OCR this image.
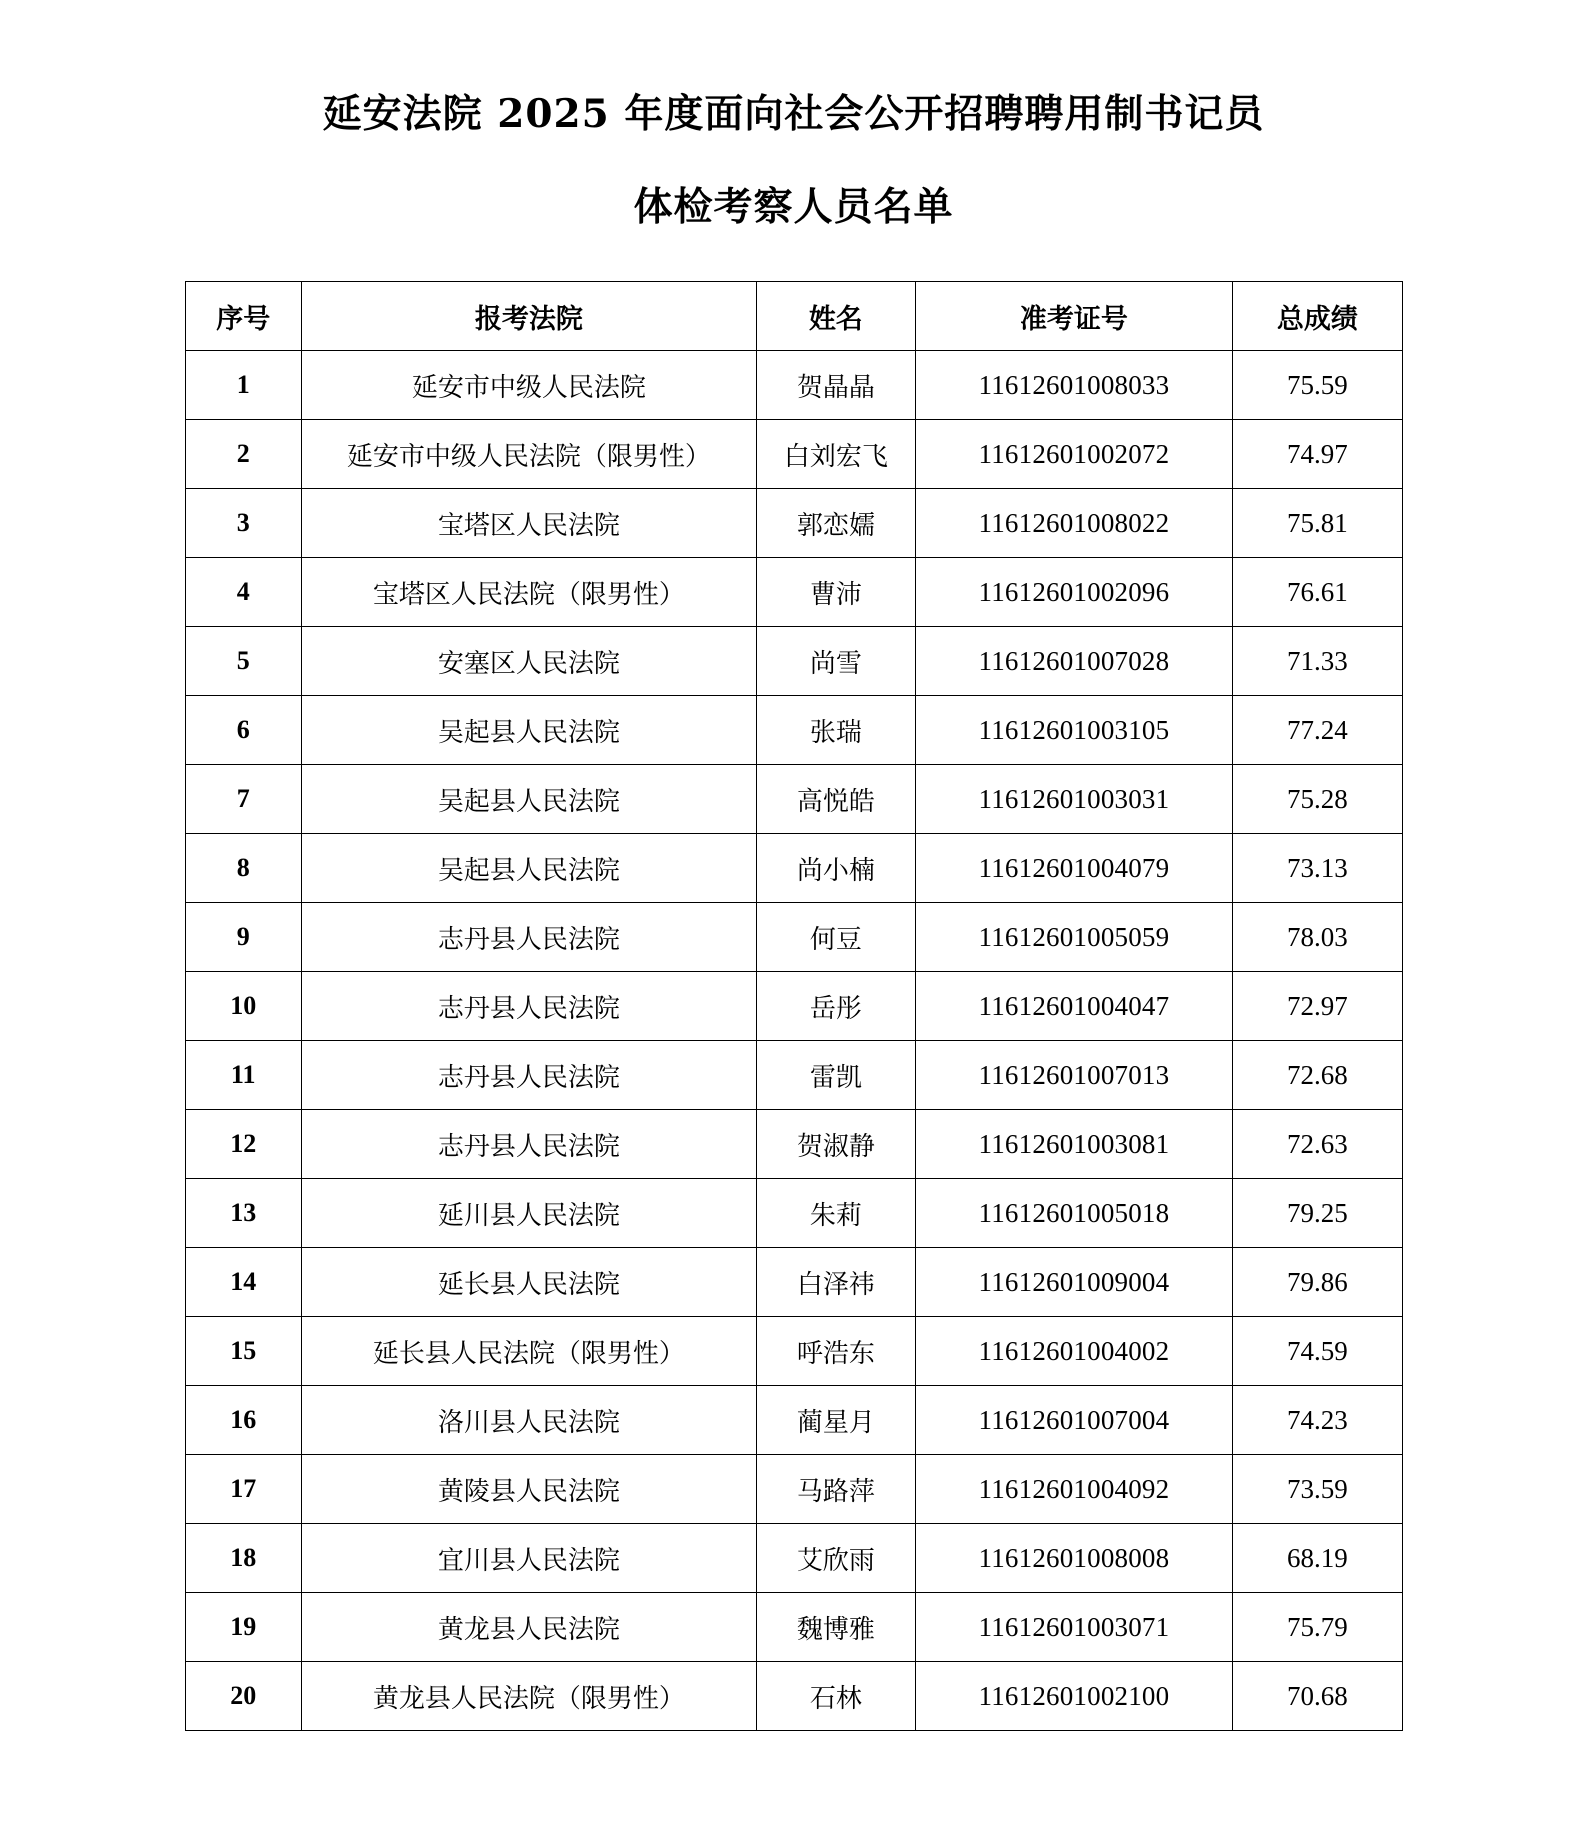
延安法院 2025 年度面向社会公开招聘聘用制书记员
体检考察人员名单
序号	报考法院	姓名	准考证号	总成绩
1	延安市中级人民法院	贺晶晶	11612601008033	75.59
2	延安市中级人民法院（限男性）	白刘宏飞	11612601002072	74.97
3	宝塔区人民法院	郭恋嬬	11612601008022	75.81
4	宝塔区人民法院（限男性）	曹沛	11612601002096	76.61
5	安塞区人民法院	尚雪	11612601007028	71.33
6	吴起县人民法院	张瑞	11612601003105	77.24
7	吴起县人民法院	高悦皓	11612601003031	75.28
8	吴起县人民法院	尚小楠	11612601004079	73.13
9	志丹县人民法院	何豆	11612601005059	78.03
10	志丹县人民法院	岳彤	11612601004047	72.97
11	志丹县人民法院	雷凯	11612601007013	72.68
12	志丹县人民法院	贺淑静	11612601003081	72.63
13	延川县人民法院	朱莉	11612601005018	79.25
14	延长县人民法院	白泽祎	11612601009004	79.86
15	延长县人民法院（限男性）	呼浩东	11612601004002	74.59
16	洛川县人民法院	蔺星月	11612601007004	74.23
17	黄陵县人民法院	马路萍	11612601004092	73.59
18	宜川县人民法院	艾欣雨	11612601008008	68.19
19	黄龙县人民法院	魏博雅	11612601003071	75.79
20	黄龙县人民法院（限男性）	石林	11612601002100	70.68
